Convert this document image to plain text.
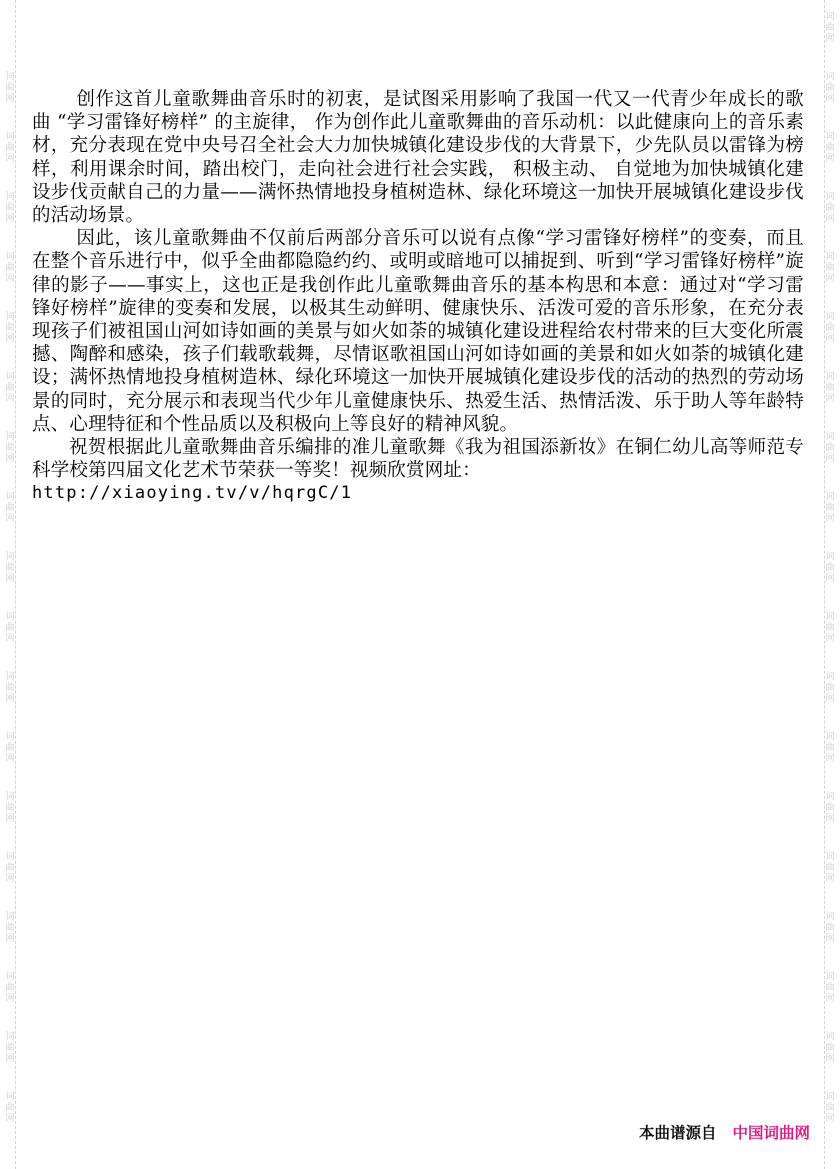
词
曲
网
词
曲
网
词
曲
网
词
曲
网
词
曲
网
词
曲
网
词
曲
网
词
曲
网
词
曲
网
词
曲
网
词
曲
网
词
曲
网
词
曲
网
词
曲
网
词
曲
网
词
曲
网
词
曲
网
词
曲
网
词
曲
网
词
曲
网
词
曲
网
词
曲
网
词
曲
网
词
曲
网
词
曲
网
词
曲
网
词
曲
网
词
曲
网
词
曲
网
词
曲
网
词
曲
网
词
曲
网
词
曲
网
词
曲
网
词
曲
网
词
曲
网
词
曲
网

创作这首儿童歌舞曲音乐时的初衷，是试图采用影响了我国一代又一代青少年成长的歌曲 “学习雷锋好榜样” 的主旋律， 作为创作此儿童歌舞曲的音乐动机：以此健康向上的音乐素材，充分表现在党中央号召全社会大力加快城镇化建设步伐的大背景下，少先队员以雷锋为榜样，利用课余时间，踏出校门，走向社会进行社会实践， 积极主动、 自觉地为加快城镇化建设步伐贡献自己的力量——满怀热情地投身植树造林、绿化环境这一加快开展城镇化建设步伐的活动场景。

因此，该儿童歌舞曲不仅前后两部分音乐可以说有点像“学习雷锋好榜样”的变奏，而且在整个音乐进行中，似乎全曲都隐隐约约、或明或暗地可以捕捉到、听到“学习雷锋好榜样”旋律的影子——事实上，这也正是我创作此儿童歌舞曲音乐的基本构思和本意：通过对“学习雷锋好榜样”旋律的变奏和发展，以极其生动鲜明、健康快乐、活泼可爱的音乐形象，在充分表现孩子们被祖国山河如诗如画的美景与如火如荼的城镇化建设进程给农村带来的巨大变化所震撼、陶醉和感染，孩子们载歌载舞，尽情讴歌祖国山河如诗如画的美景和如火如荼的城镇化建设；满怀热情地投身植树造林、绿化环境这一加快开展城镇化建设步伐的活动的热烈的劳动场景的同时，充分展示和表现当代少年儿童健康快乐、热爱生活、热情活泼、乐于助人等年龄特点、心理特征和个性品质以及积极向上等良好的精神风貌。

祝贺根据此儿童歌舞曲音乐编排的准儿童歌舞《我为祖国添新妆》在铜仁幼儿高等师范专科学校第四届文化艺术节荣获一等奖！视频欣赏网址：

http://xiaoying.tv/v/hqrgC/1
本曲谱源自 中国词曲网
